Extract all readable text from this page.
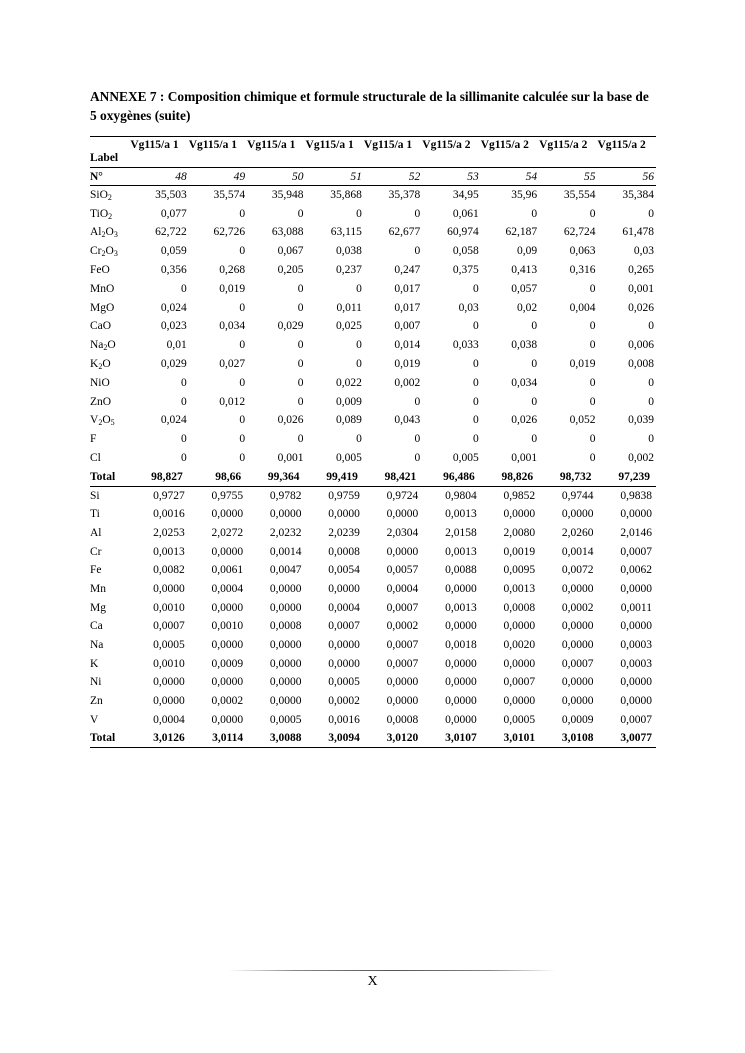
ANNEXE 7 : Composition chimique et formule structurale de la sillimanite calculée sur la base de 5 oxygènes (suite)
Label	Vg115/a 1	Vg115/a 1	Vg115/a 1	Vg115/a 1	Vg115/a 1	Vg115/a 2	Vg115/a 2	Vg115/a 2	Vg115/a 2
N°	48	49	50	51	52	53	54	55	56
SiO$_2$	35,503	35,574	35,948	35,868	35,378	34,95	35,96	35,554	35,384
TiO$_2$	0,077	0	0	0	0	0,061	0	0	0
$Al_2O_3$	62,722	62,726	63,088	63,115	62,677	60,974	62,187	62,724	61,478
$Cr_2O_3$	0,059	0	0,067	0,038	0	0,058	0,09	0,063	0,03
FeO	0,356	0,268	0,205	0,237	0,247	0,375	0,413	0,316	0,265
MnO	0	0,019	0	0	0,017	0	0,057	0	0,001
MgO	0,024	0	0	0,011	0,017	0,03	0,02	0,004	0,026
CaO	0,023	0,034	0,029	0,025	0,007	0	0	0	0
$Na_2O$	0,01	0	0	0	0,014	0,033	0,038	0	0,006
$K_2O$	0,029	0,027	0	0	0,019	0	0	0,019	0,008
NiO	0	0	0	0,022	0,002	0	0,034	0	0
ZnO	0	0,012	0	0,009	0	0	0	0	0
$V_2O_5$	0,024	0	0,026	0,089	0,043	0	0,026	0,052	0,039
F	0	0	0	0	0	0	0	0	0
Cl	0	0	0,001	0,005	0	0,005	0,001	0	0,002
Total	98,827	98,66	99,364	99,419	98,421	96,486	98,826	98,732	97,239
Si	0,9727	0,9755	0,9782	0,9759	0,9724	0,9804	0,9852	0,9744	0,9838
Ti	0,0016	0,0000	0,0000	0,0000	0,0000	0,0013	0,0000	0,0000	0,0000
Al	2,0253	2,0272	2,0232	2,0239	2,0304	2,0158	2,0080	2,0260	2,0146
Cr	0,0013	0,0000	0,0014	0,0008	0,0000	0,0013	0,0019	0,0014	0,0007
Fe	0,0082	0,0061	0,0047	0,0054	0,0057	0,0088	0,0095	0,0072	0,0062
Mn	0,0000	0,0004	0,0000	0,0000	0,0004	0,0000	0,0013	0,0000	0,0000
Mg	0,0010	0,0000	0,0000	0,0004	0,0007	0,0013	0,0008	0,0002	0,0011
Ca	0,0007	0,0010	0,0008	0,0007	0,0002	0,0000	0,0000	0,0000	0,0000
Na	0,0005	0,0000	0,0000	0,0000	0,0007	0,0018	0,0020	0,0000	0,0003
K	0,0010	0,0009	0,0000	0,0000	0,0007	0,0000	0,0000	0,0007	0,0003
Ni	0,0000	0,0000	0,0000	0,0005	0,0000	0,0000	0,0007	0,0000	0,0000
Zn	0,0000	0,0002	0,0000	0,0002	0,0000	0,0000	0,0000	0,0000	0,0000
V	0,0004	0,0000	0,0005	0,0016	0,0008	0,0000	0,0005	0,0009	0,0007
Total	3,0126	3,0114	3,0088	3,0094	3,0120	3,0107	3,0101	3,0108	3,0077
X
